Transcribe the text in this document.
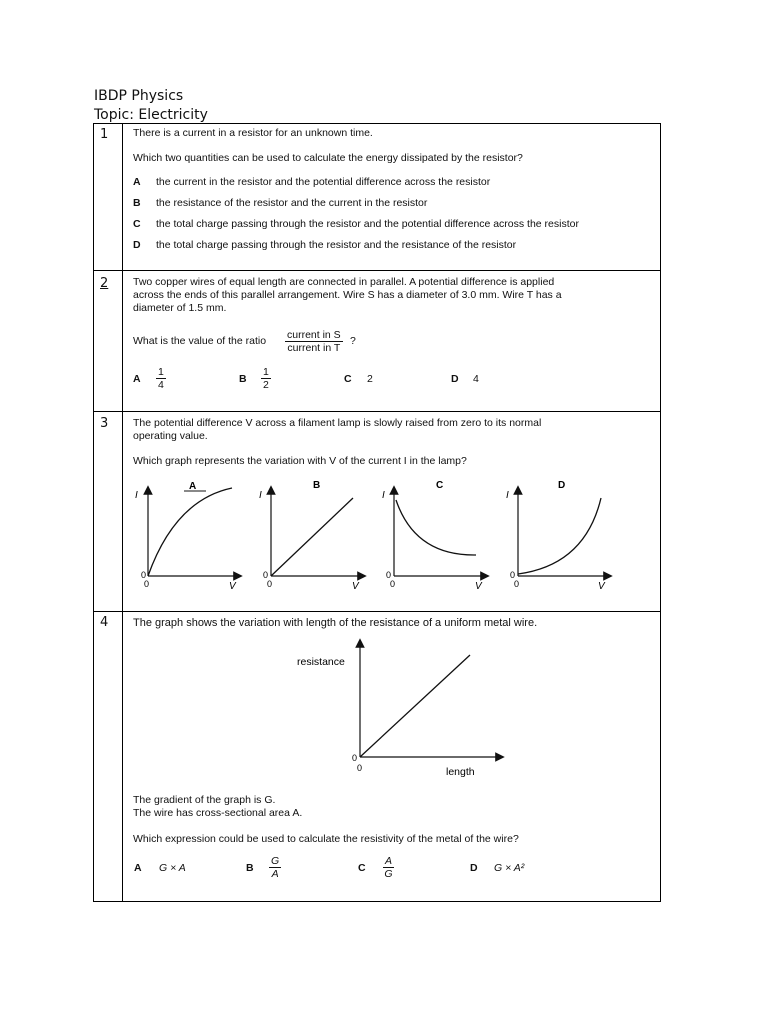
IBDP Physics
Topic: Electricity
1 There is a current in a resistor for an unknown time.
Which two quantities can be used to calculate the energy dissipated by the resistor?
A the current in the resistor and the potential difference across the resistor
B the resistance of the resistor and the current in the resistor
C the total charge passing through the resistor and the potential difference across the resistor
D the total charge passing through the resistor and the resistance of the resistor
2 Two copper wires of equal length are connected in parallel. A potential difference is applied
across the ends of this parallel arrangement. Wire S has a diameter of 3.0 mm. Wire T has a
diameter of 1.5 mm.
What is the value of the ratio current in S
current in T
?
A $\frac{1}{4}$	B $\frac{1}{2}$	C 2	D 4
3 The potential difference V across a filament lamp is slowly raised from zero to its normal
operating value.
Which graph represents the variation with V of the current I in the lamp?
A
I
0
0	V
B
I
0
0	V
C
I
0
0	V
D
I
0
0	V
resistance
length
0
0
4 The graph shows the variation with length of the resistance of a uniform metal wire.
The gradient of the graph is G.
The wire has cross-sectional area A.
Which expression could be used to calculate the resistivity of the metal of the wire?
A G × A	B $\frac{G}{A}$	C $\frac{A}{G}$	D G × A²
